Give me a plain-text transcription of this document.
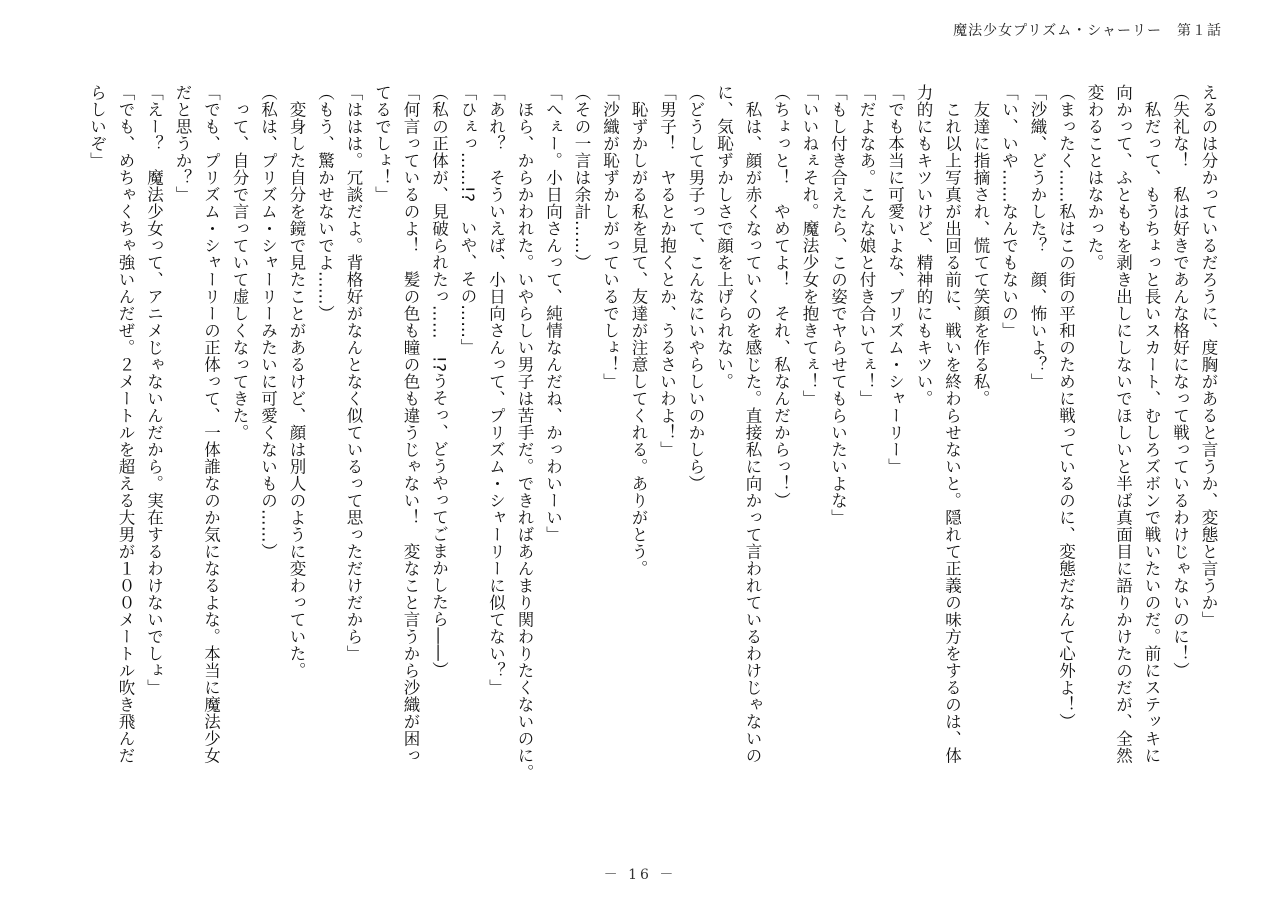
魔法少女プリズム・シャーリー　第１話
えるのは分かっているだろうに、度胸があると言うか、変態と言うか」
（失礼な！　私は好きであんな格好になって戦っているわけじゃないのに！）
　私だって、もうちょっと長いスカート、むしろズボンで戦いたいのだ。前にステッキに
向かって、ふとももを剥き出しにしないでほしいと半ば真面目に語りかけたのだが、全然
変わることはなかった。
（まったく……私はこの街の平和のために戦っているのに、変態だなんて心外よ！）
「沙織、どうかした？　顔、怖いよ？」
「い、いや……なんでもないの」
　友達に指摘され、慌てて笑顔を作る私。
　これ以上写真が出回る前に、戦いを終わらせないと。隠れて正義の味方をするのは、体
力的にもキツいけど、精神的にもキツい。
「でも本当に可愛いよな、プリズム・シャーリー」
「だよなあ。こんな娘と付き合いてぇ！」
「もし付き合えたら、この姿でヤらせてもらいたいよな」
「いいねぇそれ。魔法少女を抱きてぇ！」
（ちょっと！　やめてよ！　それ、私なんだからっ！）
　私は、顔が赤くなっていくのを感じた。直接私に向かって言われているわけじゃないの
に、気恥ずかしさで顔を上げられない。
（どうして男子って、こんなにいやらしいのかしら）
「男子！　ヤるとか抱くとか、うるさいわよ！」
　恥ずかしがる私を見て、友達が注意してくれる。ありがとう。
「沙織が恥ずかしがっているでしょ！」
（その一言は余計……）
「へぇー。小日向さんって、純情なんだね、かっわいーい」
　ほら、からかわれた。いやらしい男子は苦手だ。できればあんまり関わりたくないのに。
「あれ？　そういえば、小日向さんって、プリズム・シャーリーに似てない？」
「ひぇっ……!?　いや、その……」
（私の正体が、見破られたっ……　!?うそっ、どうやってごまかしたら――）
「何言っているのよ！　髪の色も瞳の色も違うじゃない！　変なこと言うから沙織が困っ
てるでしょ！」
「ははは。冗談だよ。背格好がなんとなく似ているって思っただけだから」
（もう、驚かせないでよ……）
　変身した自分を鏡で見たことがあるけど、顔は別人のように変わっていた。
（私は、プリズム・シャーリーみたいに可愛くないもの……）
　って、自分で言っていて虚しくなってきた。
「でも、プリズム・シャーリーの正体って、一体誰なのか気になるよな。本当に魔法少女
だと思うか？」
「えー？　魔法少女って、アニメじゃないんだから。実在するわけないでしょ」
「でも、めちゃくちゃ強いんだぜ。２メートルを超える大男が１００メートル吹き飛んだ
らしいぞ」
－ 16 －
